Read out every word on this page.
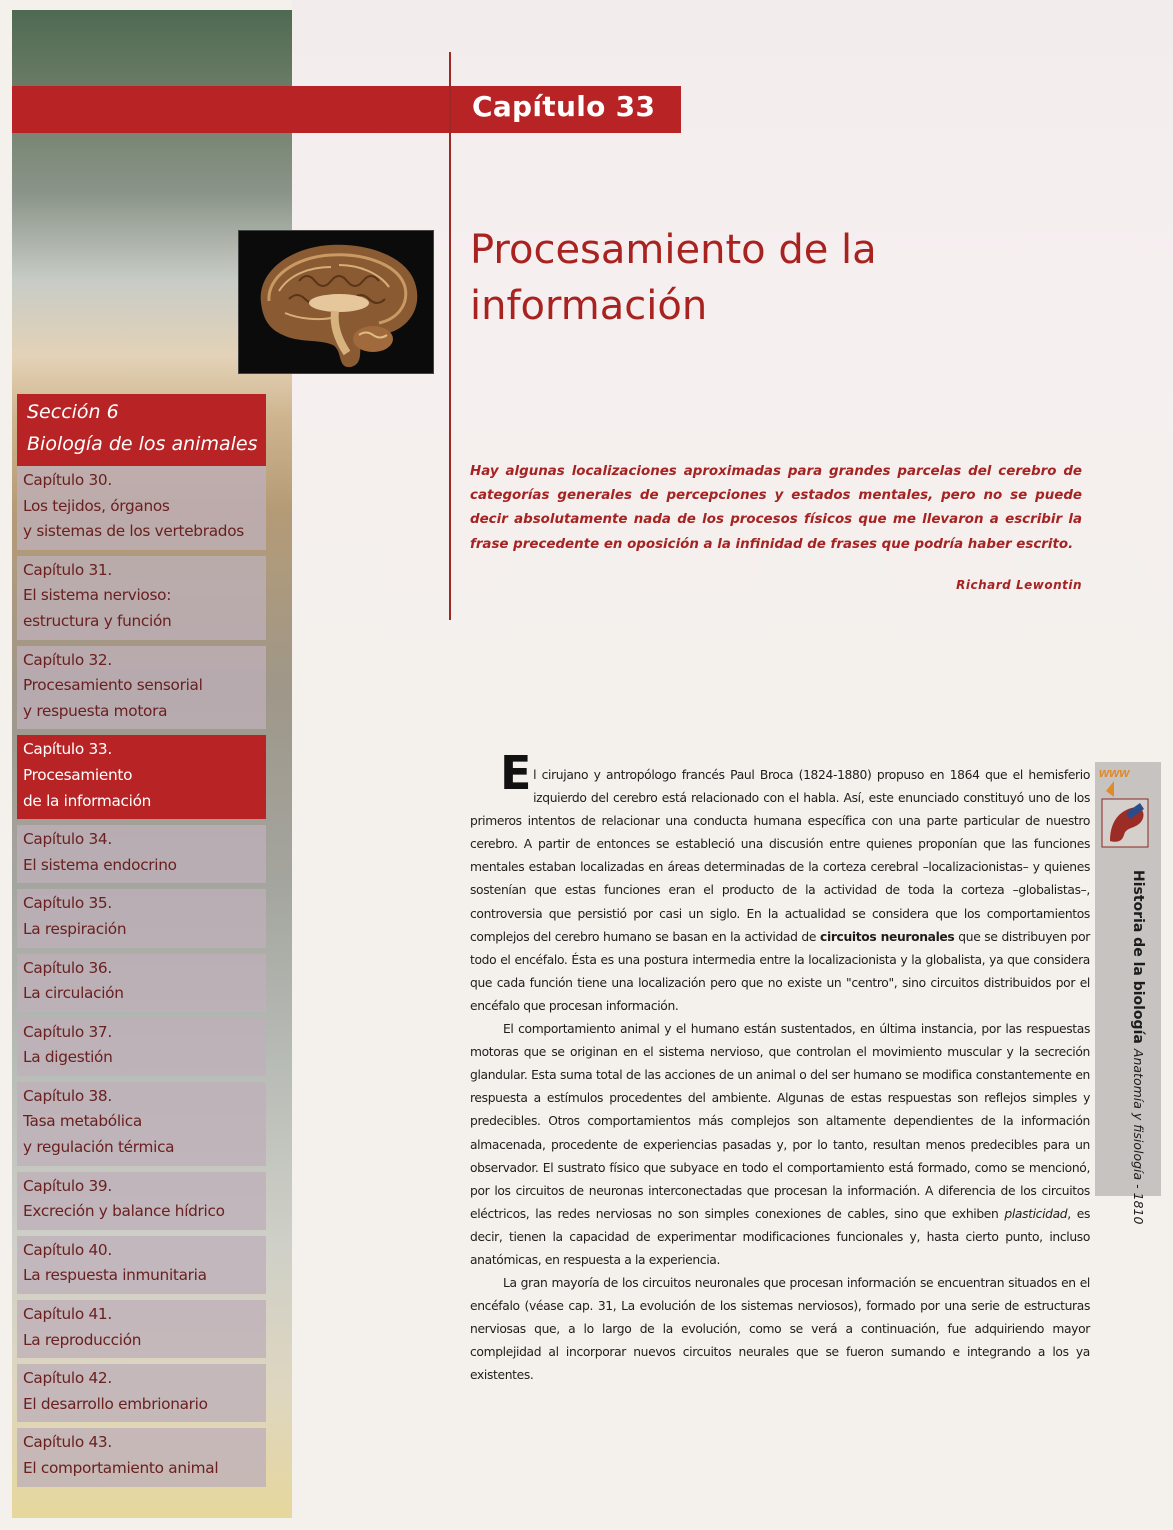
Capítulo 33
Procesamiento de la
información
Hay algunas localizaciones aproximadas para grandes parcelas del cerebro de categorías generales de percepciones y estados mentales, pero no se puede decir absolutamente nada de los procesos físicos que me llevaron a escribir la frase precedente en oposición a la infinidad de frases que podría haber escrito.
Richard Lewontin
Sección 6
Biología de los animales
Capítulo 30.
Los tejidos, órganos
y sistemas de los vertebrados
Capítulo 31.
El sistema nervioso:
estructura y función
Capítulo 32.
Procesamiento sensorial
y respuesta motora
Capítulo 33.
Procesamiento
de la información
Capítulo 34.
El sistema endocrino
Capítulo 35.
La respiración
Capítulo 36.
La circulación
Capítulo 37.
La digestión
Capítulo 38.
Tasa metabólica
y regulación térmica
Capítulo 39.
Excreción y balance hídrico
Capítulo 40.
La respuesta inmunitaria
Capítulo 41.
La reproducción
Capítulo 42.
El desarrollo embrionario
Capítulo 43.
El comportamiento animal

El cirujano y antropólogo francés Paul Broca (1824-1880) propuso en 1864 que el hemisferio izquierdo del cerebro está relacionado con el habla. Así, este enunciado constituyó uno de los primeros intentos de relacionar una conducta humana específica con una parte particular de nuestro cerebro. A partir de entonces se estableció una discusión entre quienes proponían que las funciones mentales estaban localizadas en áreas determinadas de la corteza cerebral –localizacionistas– y quienes sostenían que estas funciones eran el producto de la actividad de toda la corteza –globalistas–, controversia que persistió por casi un siglo. En la actualidad se considera que los comportamientos complejos del cerebro humano se basan en la actividad de circuitos neuronales que se distribuyen por todo el encéfalo. Ésta es una postura intermedia entre la localizacionista y la globalista, ya que considera que cada función tiene una localización pero que no existe un "centro", sino circuitos distribuidos por el encéfalo que procesan información.

El comportamiento animal y el humano están sustentados, en última instancia, por las respuestas motoras que se originan en el sistema nervioso, que controlan el movimiento muscular y la secreción glandular. Esta suma total de las acciones de un animal o del ser humano se modifica constantemente en respuesta a estímulos procedentes del ambiente. Algunas de estas respuestas son reflejos simples y predecibles. Otros comportamientos más complejos son altamente dependientes de la información almacenada, procedente de experiencias pasadas y, por lo tanto, resultan menos predecibles para un observador. El sustrato físico que subyace en todo el comportamiento está formado, como se mencionó, por los circuitos de neuronas interconectadas que procesan la información. A diferencia de los circuitos eléctricos, las redes nerviosas no son simples conexiones de cables, sino que exhiben plasticidad, es decir, tienen la capacidad de experimentar modificaciones funcionales y, hasta cierto punto, incluso anatómicas, en respuesta a la experiencia.

La gran mayoría de los circuitos neuronales que procesan información se encuentran situados en el encéfalo (véase cap. 31, La evolución de los sistemas nerviosos), formado por una serie de estructuras nerviosas que, a lo largo de la evolución, como se verá a continuación, fue adquiriendo mayor complejidad al incorporar nuevos circuitos neurales que se fueron sumando e integrando a los ya existentes.

www
Historia de la biología Anatomía y fisiología - 1810
